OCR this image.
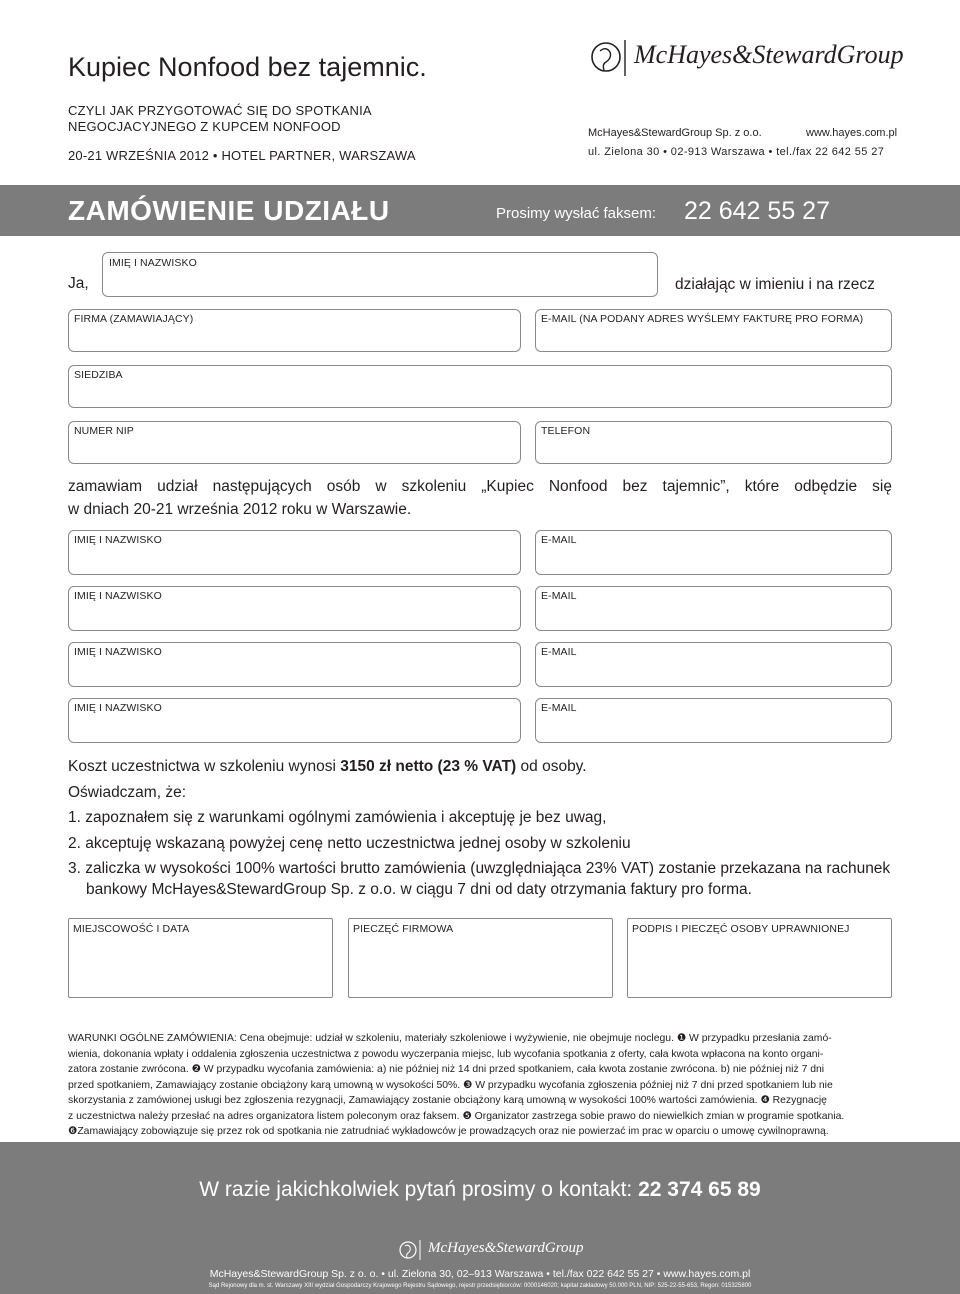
Kupiec Nonfood bez tajemnic.
CZYLI JAK PRZYGOTOWAĆ SIĘ DO SPOTKANIA
NEGOCJACYJNEGO Z KUPCEM NONFOOD
20-21 WRZEŚNIA 2012 • HOTEL PARTNER, WARSZAWA
McHayes&StewardGroup
McHayes&StewardGroup Sp. z o.o.	www.hayes.com.pl
ul. Zielona 30 • 02-913 Warszawa • tel./fax 22 642 55 27
ZAMÓWIENIE UDZIAŁU	Prosimy wysłać faksem: 22 642 55 27
Ja,
IMIĘ I NAZWISKO
działając w imieniu i na rzecz
FIRMA (ZAMAWIAJĄCY)	E-MAIL (NA PODANY ADRES WYŚLEMY FAKTURĘ PRO FORMA)
SIEDZIBA
NUMER NIP	TELEFON
zamawiam udział następujących osób w szkoleniu „Kupiec Nonfood bez tajemnic”, które odbędzie się
w dniach 20-21 września 2012 roku w Warszawie.
IMIĘ I NAZWISKO	E-MAIL
IMIĘ I NAZWISKO	E-MAIL
IMIĘ I NAZWISKO	E-MAIL
IMIĘ I NAZWISKO	E-MAIL
Koszt uczestnictwa w szkoleniu wynosi 3150 zł netto (23 % VAT) od osoby.
Oświadczam, że:
1. zapoznałem się z warunkami ogólnymi zamówienia i akceptuję je bez uwag,
2. akceptuję wskazaną powyżej cenę netto uczestnictwa jednej osoby w szkoleniu
3. zaliczka w wysokości 100% wartości brutto zamówienia (uwzględniająca 23% VAT) zostanie przekazana na rachunek
bankowy McHayes&StewardGroup Sp. z o.o. w ciągu 7 dni od daty otrzymania faktury pro forma.
MIEJSCOWOŚĆ I DATA	PIECZĘĆ FIRMOWA	PODPIS I PIECZĘĆ OSOBY UPRAWNIONEJ
WARUNKI OGÓLNE ZAMÓWIENIA: Cena obejmuje: udział w szkoleniu, materiały szkoleniowe i wyżywienie, nie obejmuje noclegu. ❶ W przypadku przesłania zamó-
wienia, dokonania wpłaty i oddalenia zgłoszenia uczestnictwa z powodu wyczerpania miejsc, lub wycofania spotkania z oferty, cała kwota wpłacona na konto organi-
zatora zostanie zwrócona. ❷ W przypadku wycofania zamówienia: a) nie później niż 14 dni przed spotkaniem, cała kwota zostanie zwrócona. b) nie później niż 7 dni
przed spotkaniem, Zamawiający zostanie obciążony karą umowną w wysokości 50%. ❸ W przypadku wycofania zgłoszenia później niż 7 dni przed spotkaniem lub nie
skorzystania z zamówionej usługi bez zgłoszenia rezygnacji, Zamawiający zostanie obciążony karą umowną w wysokości 100% wartości zamówienia. ❹ Rezygnację
z uczestnictwa należy przesłać na adres organizatora listem poleconym oraz faksem. ❺ Organizator zastrzega sobie prawo do niewielkich zmian w programie spotkania.
❻Zamawiający zobowiązuje się przez rok od spotkania nie zatrudniać wykładowców je prowadzących oraz nie powierzać im prac w oparciu o umowę cywilnoprawną.
W razie jakichkolwiek pytań prosimy o kontakt: 22 374 65 89
McHayes&StewardGroup
McHayes&StewardGroup Sp. z o. o. • ul. Zielona 30, 02–913 Warszawa • tel./fax 022 642 55 27 • www.hayes.com.pl
Sąd Rejonowy dla m. st. Warszawy XIII wydział Gospodarczy Krajowego Rejestru Sądowego, rejestr przedsiębiorców: 0000146020; kapitał zakładowy 50.000 PLN, NIP: 525-22-55-653, Regon: 015325800
